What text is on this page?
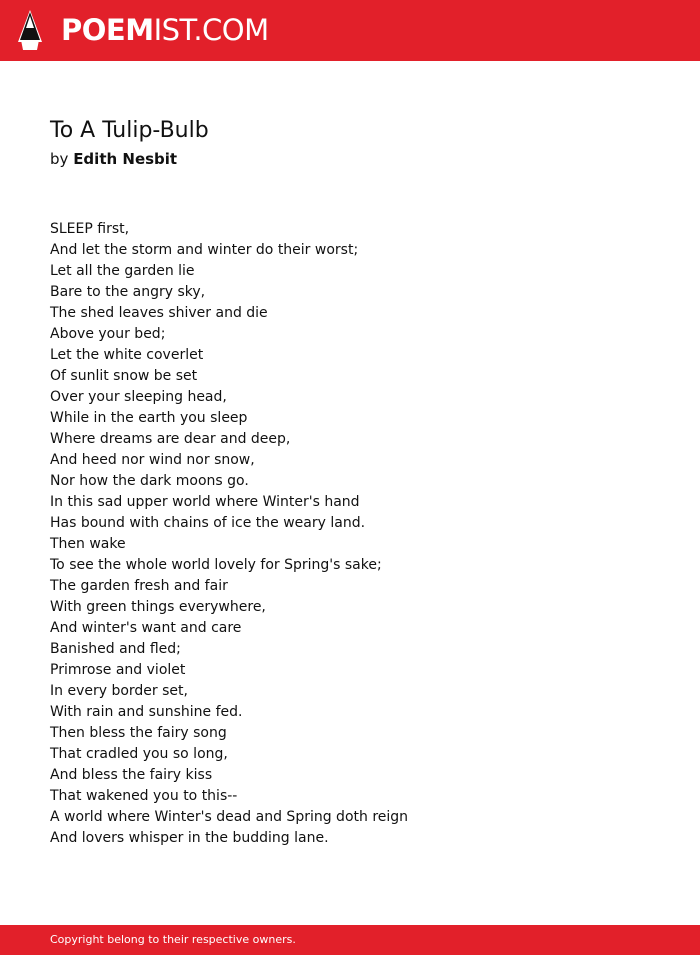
POEMIST.COM
To A Tulip-Bulb
by Edith Nesbit
SLEEP first,
And let the storm and winter do their worst;
Let all the garden lie
Bare to the angry sky,
The shed leaves shiver and die
Above your bed;
Let the white coverlet
Of sunlit snow be set
Over your sleeping head,
While in the earth you sleep
Where dreams are dear and deep,
And heed nor wind nor snow,
Nor how the dark moons go.
In this sad upper world where Winter's hand
Has bound with chains of ice the weary land.
Then wake
To see the whole world lovely for Spring's sake;
The garden fresh and fair
With green things everywhere,
And winter's want and care
Banished and fled;
Primrose and violet
In every border set,
With rain and sunshine fed.
Then bless the fairy song
That cradled you so long,
And bless the fairy kiss
That wakened you to this--
A world where Winter's dead and Spring doth reign
And lovers whisper in the budding lane.
Copyright belong to their respective owners.
